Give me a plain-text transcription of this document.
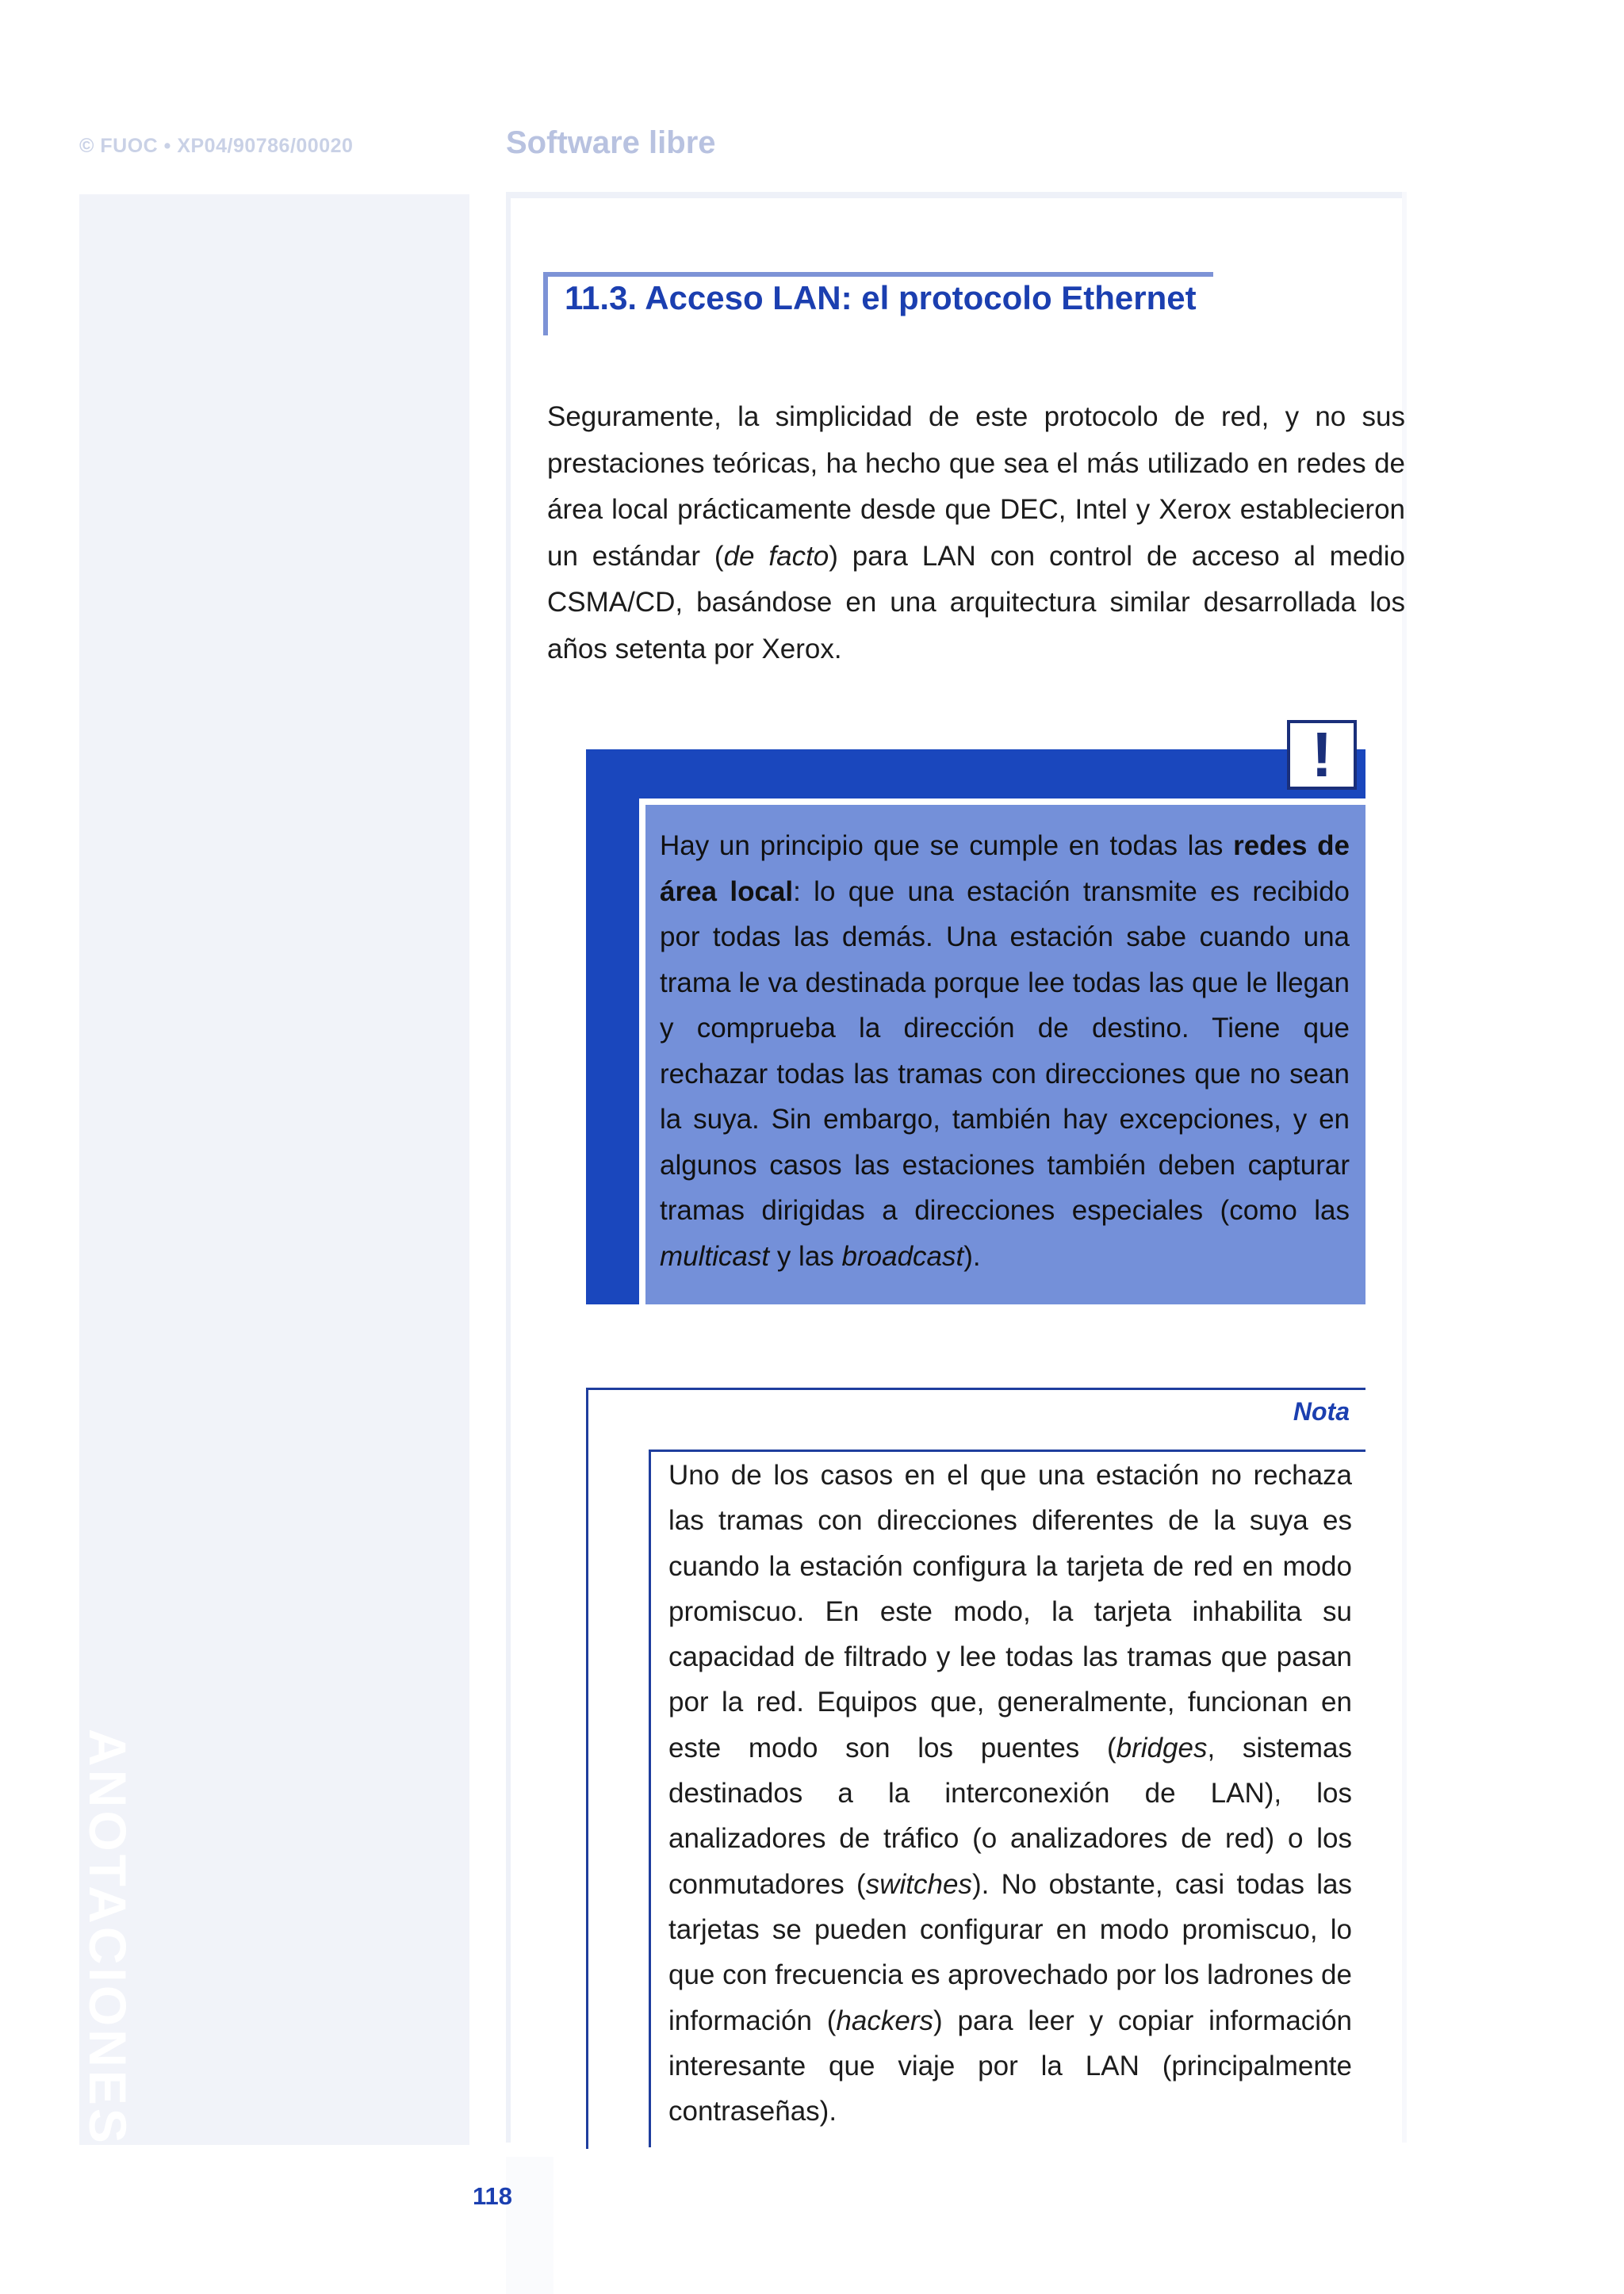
© FUOC • XP04/90786/00020	Software libre
ANOTACIONES
11.3. Acceso LAN: el protocolo Ethernet

Seguramente, la simplicidad de este protocolo de red, y no sus prestaciones teóricas, ha hecho que sea el más utilizado en redes de área local prácticamente desde que DEC, Intel y Xerox establecieron un estándar (de facto) para LAN con control de acceso al medio CSMA/CD, basándose en una arquitectura similar desarrollada los años setenta por Xerox.

!

Hay un principio que se cumple en todas las redes de área local: lo que una estación transmite es recibido por todas las demás. Una estación sabe cuando una trama le va destinada porque lee todas las que le llegan y comprueba la dirección de destino. Tiene que rechazar todas las tramas con direcciones que no sean la suya. Sin embargo, también hay excepciones, y en algunos casos las estaciones también deben capturar tramas dirigidas a direcciones especiales (como las multicast y las broadcast).

Nota

Uno de los casos en el que una estación no rechaza las tramas con direcciones diferentes de la suya es cuando la estación configura la tarjeta de red en modo promiscuo. En este modo, la tarjeta inhabilita su capacidad de filtrado y lee todas las tramas que pasan por la red. Equipos que, generalmente, funcionan en este modo son los puentes (bridges, sistemas destinados a la interconexión de LAN), los analizadores de tráfico (o analizadores de red) o los conmutadores (switches). No obstante, casi todas las tarjetas se pueden configurar en modo promiscuo, lo que con frecuencia es aprovechado por los ladrones de información (hackers) para leer y copiar información interesante que viaje por la LAN (principalmente contraseñas).

118
